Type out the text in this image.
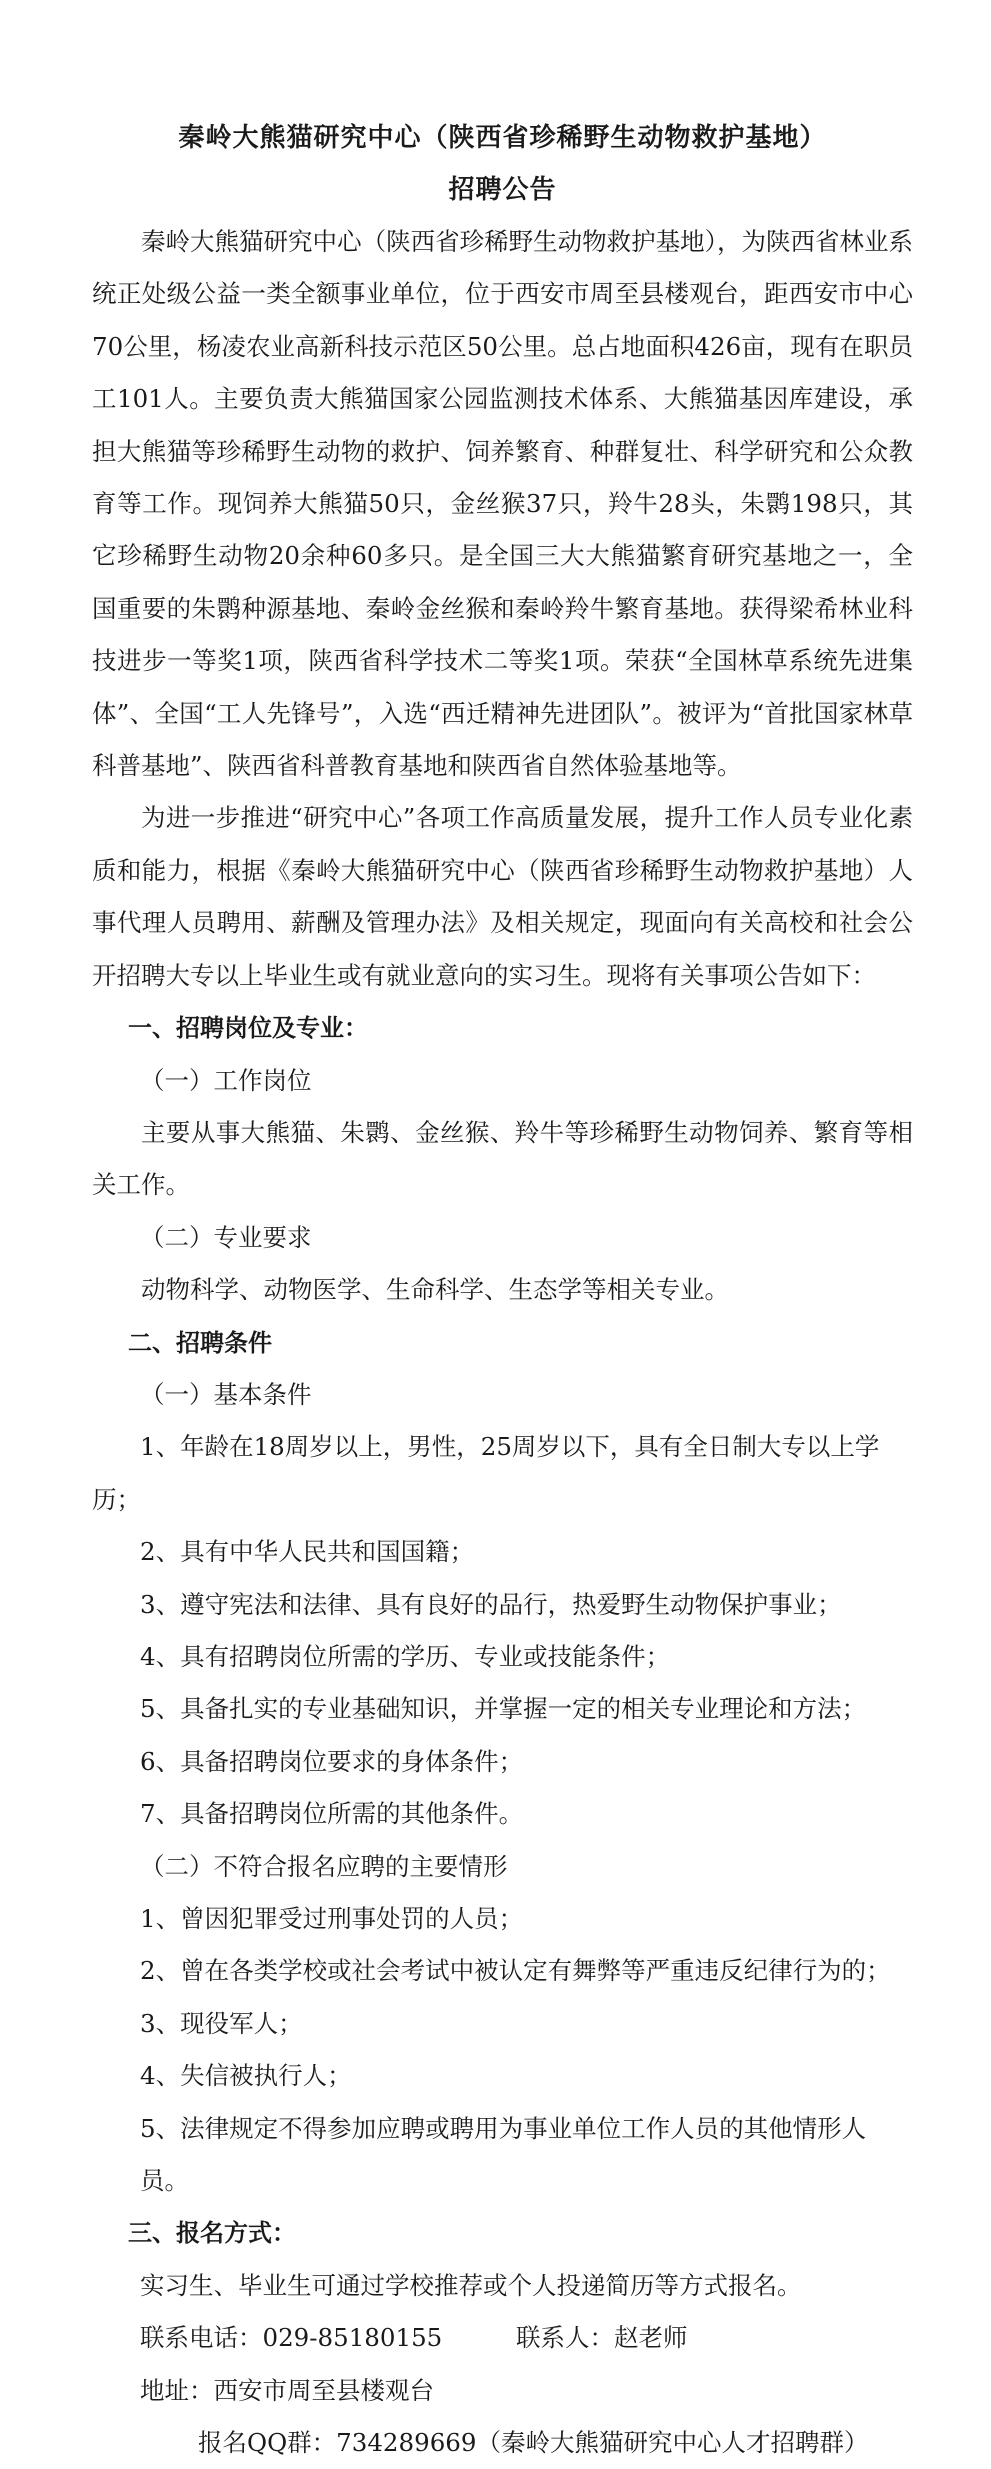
秦岭大熊猫研究中心（陕西省珍稀野生动物救护基地）
招聘公告

秦岭大熊猫研究中心（陕西省珍稀野生动物救护基地），为陕西省林业系统正处级公益一类全额事业单位，位于西安市周至县楼观台，距西安市中心70公里，杨凌农业高新科技示范区50公里。总占地面积426亩，现有在职员工101人。主要负责大熊猫国家公园监测技术体系、大熊猫基因库建设，承担大熊猫等珍稀野生动物的救护、饲养繁育、种群复壮、科学研究和公众教育等工作。现饲养大熊猫50只，金丝猴37只，羚牛28头，朱鹮198只，其它珍稀野生动物20余种60多只。是全国三大大熊猫繁育研究基地之一，全国重要的朱鹮种源基地、秦岭金丝猴和秦岭羚牛繁育基地。获得梁希林业科技进步一等奖1项，陕西省科学技术二等奖1项。荣获“全国林草系统先进集体”、全国“工人先锋号”，入选“西迁精神先进团队”。被评为“首批国家林草科普基地”、陕西省科普教育基地和陕西省自然体验基地等。

为进一步推进“研究中心”各项工作高质量发展，提升工作人员专业化素质和能力，根据《秦岭大熊猫研究中心（陕西省珍稀野生动物救护基地）人事代理人员聘用、薪酬及管理办法》及相关规定，现面向有关高校和社会公开招聘大专以上毕业生或有就业意向的实习生。现将有关事项公告如下：

一、招聘岗位及专业：

（一）工作岗位

主要从事大熊猫、朱鹮、金丝猴、羚牛等珍稀野生动物饲养、繁育等相关工作。

（二）专业要求

动物科学、动物医学、生命科学、生态学等相关专业。

二、招聘条件

（一）基本条件

1、年龄在18周岁以上，男性，25周岁以下，具有全日制大专以上学历；

2、具有中华人民共和国国籍；

3、遵守宪法和法律、具有良好的品行，热爱野生动物保护事业；

4、具有招聘岗位所需的学历、专业或技能条件；

5、具备扎实的专业基础知识，并掌握一定的相关专业理论和方法；

6、具备招聘岗位要求的身体条件；

7、具备招聘岗位所需的其他条件。

（二）不符合报名应聘的主要情形

1、曾因犯罪受过刑事处罚的人员；

2、曾在各类学校或社会考试中被认定有舞弊等严重违反纪律行为的；

3、现役军人；

4、失信被执行人；

5、法律规定不得参加应聘或聘用为事业单位工作人员的其他情形人员。

三、报名方式：

实习生、毕业生可通过学校推荐或个人投递简历等方式报名。

联系电话：029-85180155	联系人：赵老师

地址：西安市周至县楼观台

报名QQ群：734289669（秦岭大熊猫研究中心人才招聘群）
